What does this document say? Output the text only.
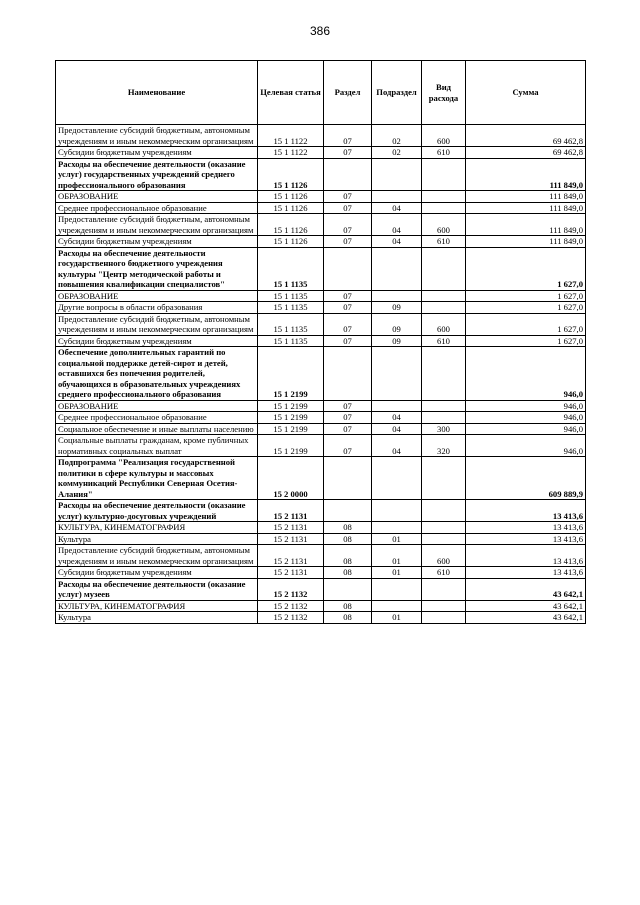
386
Наименование	Целевая статья	Раздел	Подраздел	Вид расхода	Сумма
Предоставление субсидий бюджетным, автономным учреждениям и иным некоммерческим организациям	15 1 1122	07	02	600	69 462,8
Субсидии бюджетным учреждениям	15 1 1122	07	02	610	69 462,8
Расходы на обеспечение деятельности (оказание услуг) государственных учреждений среднего профессионального образования	15 1 1126				111 849,0
ОБРАЗОВАНИЕ	15 1 1126	07			111 849,0
Среднее профессиональное образование	15 1 1126	07	04		111 849,0
Предоставление субсидий бюджетным, автономным учреждениям и иным некоммерческим организациям	15 1 1126	07	04	600	111 849,0
Субсидии бюджетным учреждениям	15 1 1126	07	04	610	111 849,0
Расходы на обеспечение деятельности государственного бюджетного учреждения культуры "Центр методической работы и повышения квалификации специалистов"	15 1 1135				1 627,0
ОБРАЗОВАНИЕ	15 1 1135	07			1 627,0
Другие вопросы в области образования	15 1 1135	07	09		1 627,0
Предоставление субсидий бюджетным, автономным учреждениям и иным некоммерческим организациям	15 1 1135	07	09	600	1 627,0
Субсидии бюджетным учреждениям	15 1 1135	07	09	610	1 627,0
Обеспечение дополнительных гарантий по социальной поддержке детей-сирот и детей, оставшихся без попечения родителей, обучающихся в образовательных учреждениях среднего профессионального образования	15 1 2199				946,0
ОБРАЗОВАНИЕ	15 1 2199	07			946,0
Среднее профессиональное образование	15 1 2199	07	04		946,0
Социальное обеспечение и иные выплаты населению	15 1 2199	07	04	300	946,0
Социальные выплаты гражданам, кроме публичных нормативных социальных выплат	15 1 2199	07	04	320	946,0
Подпрограмма "Реализация государственной политики в сфере культуры и массовых коммуникаций Республики Северная Осетия-Алания"	15 2 0000				609 889,9
Расходы на обеспечение деятельности (оказание услуг) культурно-досуговых учреждений	15 2 1131				13 413,6
КУЛЬТУРА, КИНЕМАТОГРАФИЯ	15 2 1131	08			13 413,6
Культура	15 2 1131	08	01		13 413,6
Предоставление субсидий бюджетным, автономным учреждениям и иным некоммерческим организациям	15 2 1131	08	01	600	13 413,6
Субсидии бюджетным учреждениям	15 2 1131	08	01	610	13 413,6
Расходы на обеспечение деятельности (оказание услуг) музеев	15 2 1132				43 642,1
КУЛЬТУРА, КИНЕМАТОГРАФИЯ	15 2 1132	08			43 642,1
Культура	15 2 1132	08	01		43 642,1
